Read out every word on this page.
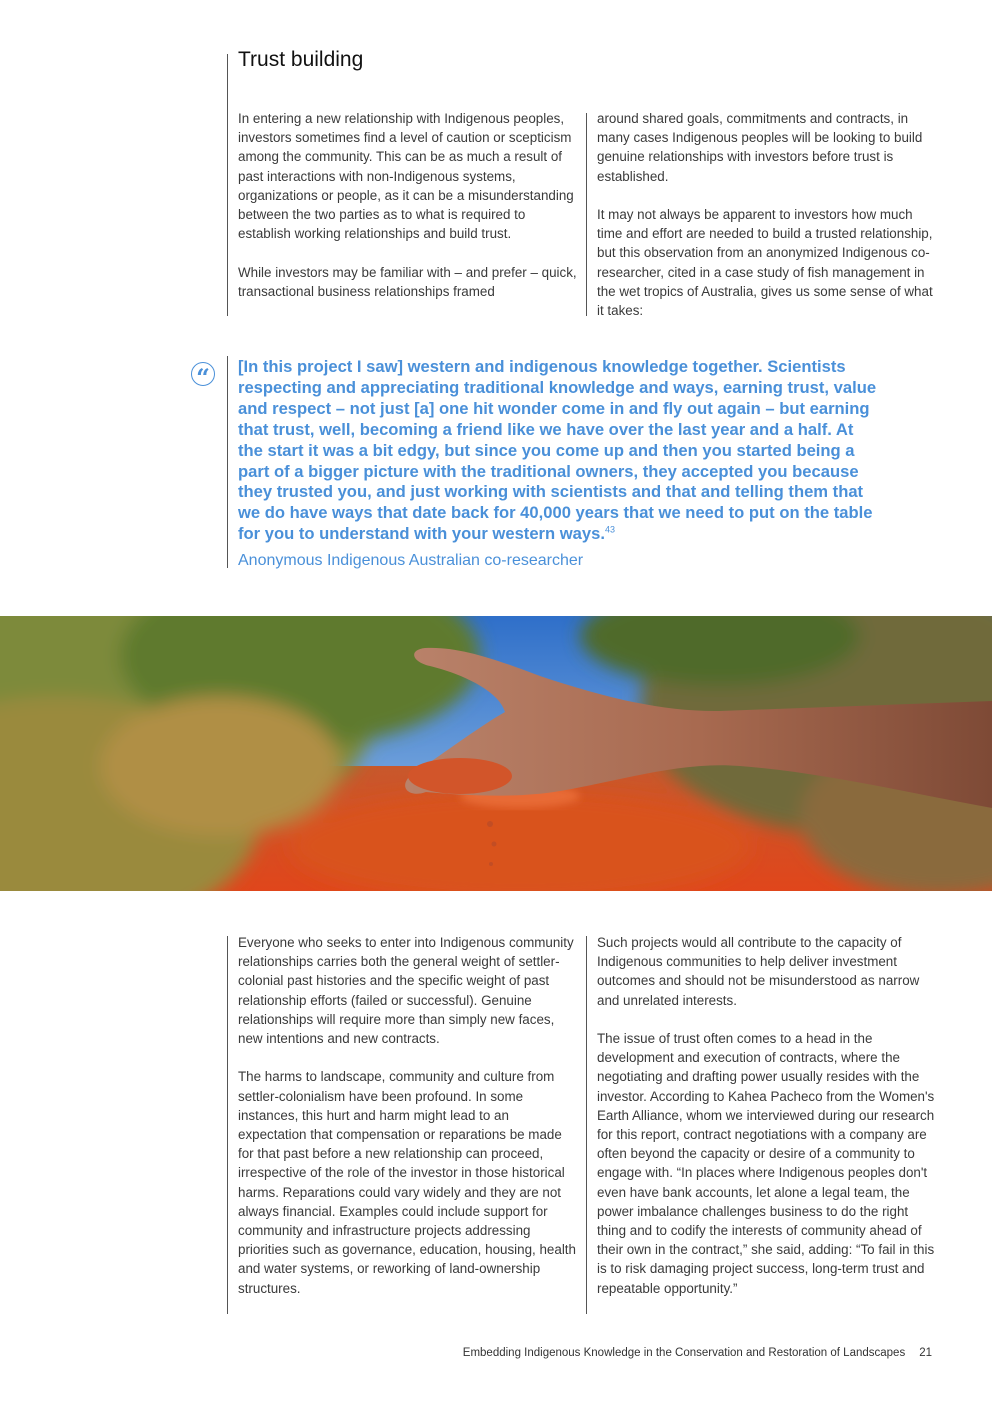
Trust building

In entering a new relationship with Indigenous peoples, investors sometimes find a level of caution or scepticism among the community. This can be as much a result of past interactions with non-Indigenous systems, organizations or people, as it can be a misunderstanding between the two parties as to what is required to establish working relationships and build trust.

While investors may be familiar with – and prefer – quick, transactional business relationships framed

around shared goals, commitments and contracts, in many cases Indigenous peoples will be looking to build genuine relationships with investors before trust is established.

It may not always be apparent to investors how much time and effort are needed to build a trusted relationship, but this observation from an anonymized Indigenous co-researcher, cited in a case study of fish management in the wet tropics of Australia, gives us some sense of what it takes:

“	[In this project I saw] western and indigenous knowledge together. Scientists respecting and appreciating traditional knowledge and ways, earning trust, value and respect – not just [a] one hit wonder come in and fly out again – but earning that trust, well, becoming a friend like we have over the last year and a half. At the start it was a bit edgy, but since you come up and then you started being a part of a bigger picture with the traditional owners, they accepted you because they trusted you, and just working with scientists and that and telling them that we do have ways that date back for 40,000 years that we need to put on the table for you to understand with your western ways.$^{43}$
Anonymous Indigenous Australian co-researcher

Everyone who seeks to enter into Indigenous community relationships carries both the general weight of settler-colonial past histories and the specific weight of past relationship efforts (failed or successful). Genuine relationships will require more than simply new faces, new intentions and new contracts.

The harms to landscape, community and culture from settler-colonialism have been profound. In some instances, this hurt and harm might lead to an expectation that compensation or reparations be made for that past before a new relationship can proceed, irrespective of the role of the investor in those historical harms. Reparations could vary widely and they are not always financial. Examples could include support for community and infrastructure projects addressing priorities such as governance, education, housing, health and water systems, or reworking of land-ownership structures.

Such projects would all contribute to the capacity of Indigenous communities to help deliver investment outcomes and should not be misunderstood as narrow and unrelated interests.

The issue of trust often comes to a head in the development and execution of contracts, where the negotiating and drafting power usually resides with the investor. According to Kahea Pacheco from the Women's Earth Alliance, whom we interviewed during our research for this report, contract negotiations with a company are often beyond the capacity or desire of a community to engage with. “In places where Indigenous peoples don't even have bank accounts, let alone a legal team, the power imbalance challenges business to do the right thing and to codify the interests of community ahead of their own in the contract,” she said, adding: “To fail in this is to risk damaging project success, long-term trust and repeatable opportunity.”

Embedding Indigenous Knowledge in the Conservation and Restoration of Landscapes 21
